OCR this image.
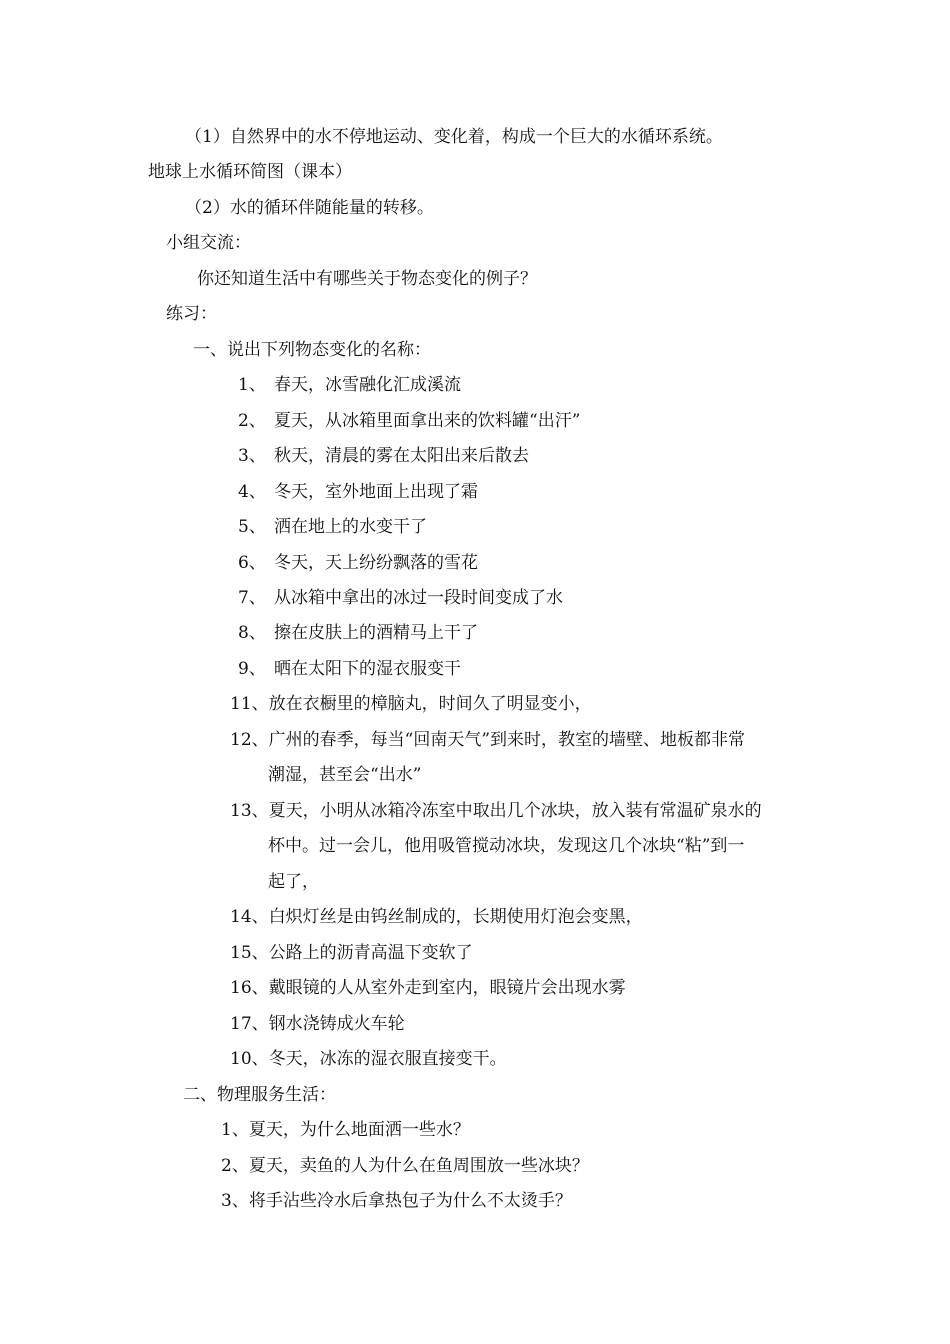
（1）自然界中的水不停地运动、变化着，构成一个巨大的水循环系统。
地球上水循环简图（课本）
（2）水的循环伴随能量的转移。
小组交流：
你还知道生活中有哪些关于物态变化的例子？
练习：
一、说出下列物态变化的名称：
1、 春天，冰雪融化汇成溪流
2、 夏天，从冰箱里面拿出来的饮料罐“出汗”
3、 秋天，清晨的雾在太阳出来后散去
4、 冬天，室外地面上出现了霜
5、 洒在地上的水变干了
6、 冬天，天上纷纷飘落的雪花
7、 从冰箱中拿出的冰过一段时间变成了水
8、 擦在皮肤上的酒精马上干了
9、 晒在太阳下的湿衣服变干
11、放在衣橱里的樟脑丸，时间久了明显变小，
12、广州的春季，每当“回南天气”到来时，教室的墙壁、地板都非常
潮湿，甚至会“出水”
13、夏天，小明从冰箱冷冻室中取出几个冰块，放入装有常温矿泉水的
杯中。过一会儿，他用吸管搅动冰块，发现这几个冰块“粘”到一
起了，
14、白炽灯丝是由钨丝制成的，长期使用灯泡会变黑，
15、公路上的沥青高温下变软了
16、戴眼镜的人从室外走到室内，眼镜片会出现水雾
17、钢水浇铸成火车轮
10、冬天，冰冻的湿衣服直接变干。
二、物理服务生活：
1、夏天，为什么地面洒一些水？
2、夏天，卖鱼的人为什么在鱼周围放一些冰块？
3、将手沾些冷水后拿热包子为什么不太烫手？
